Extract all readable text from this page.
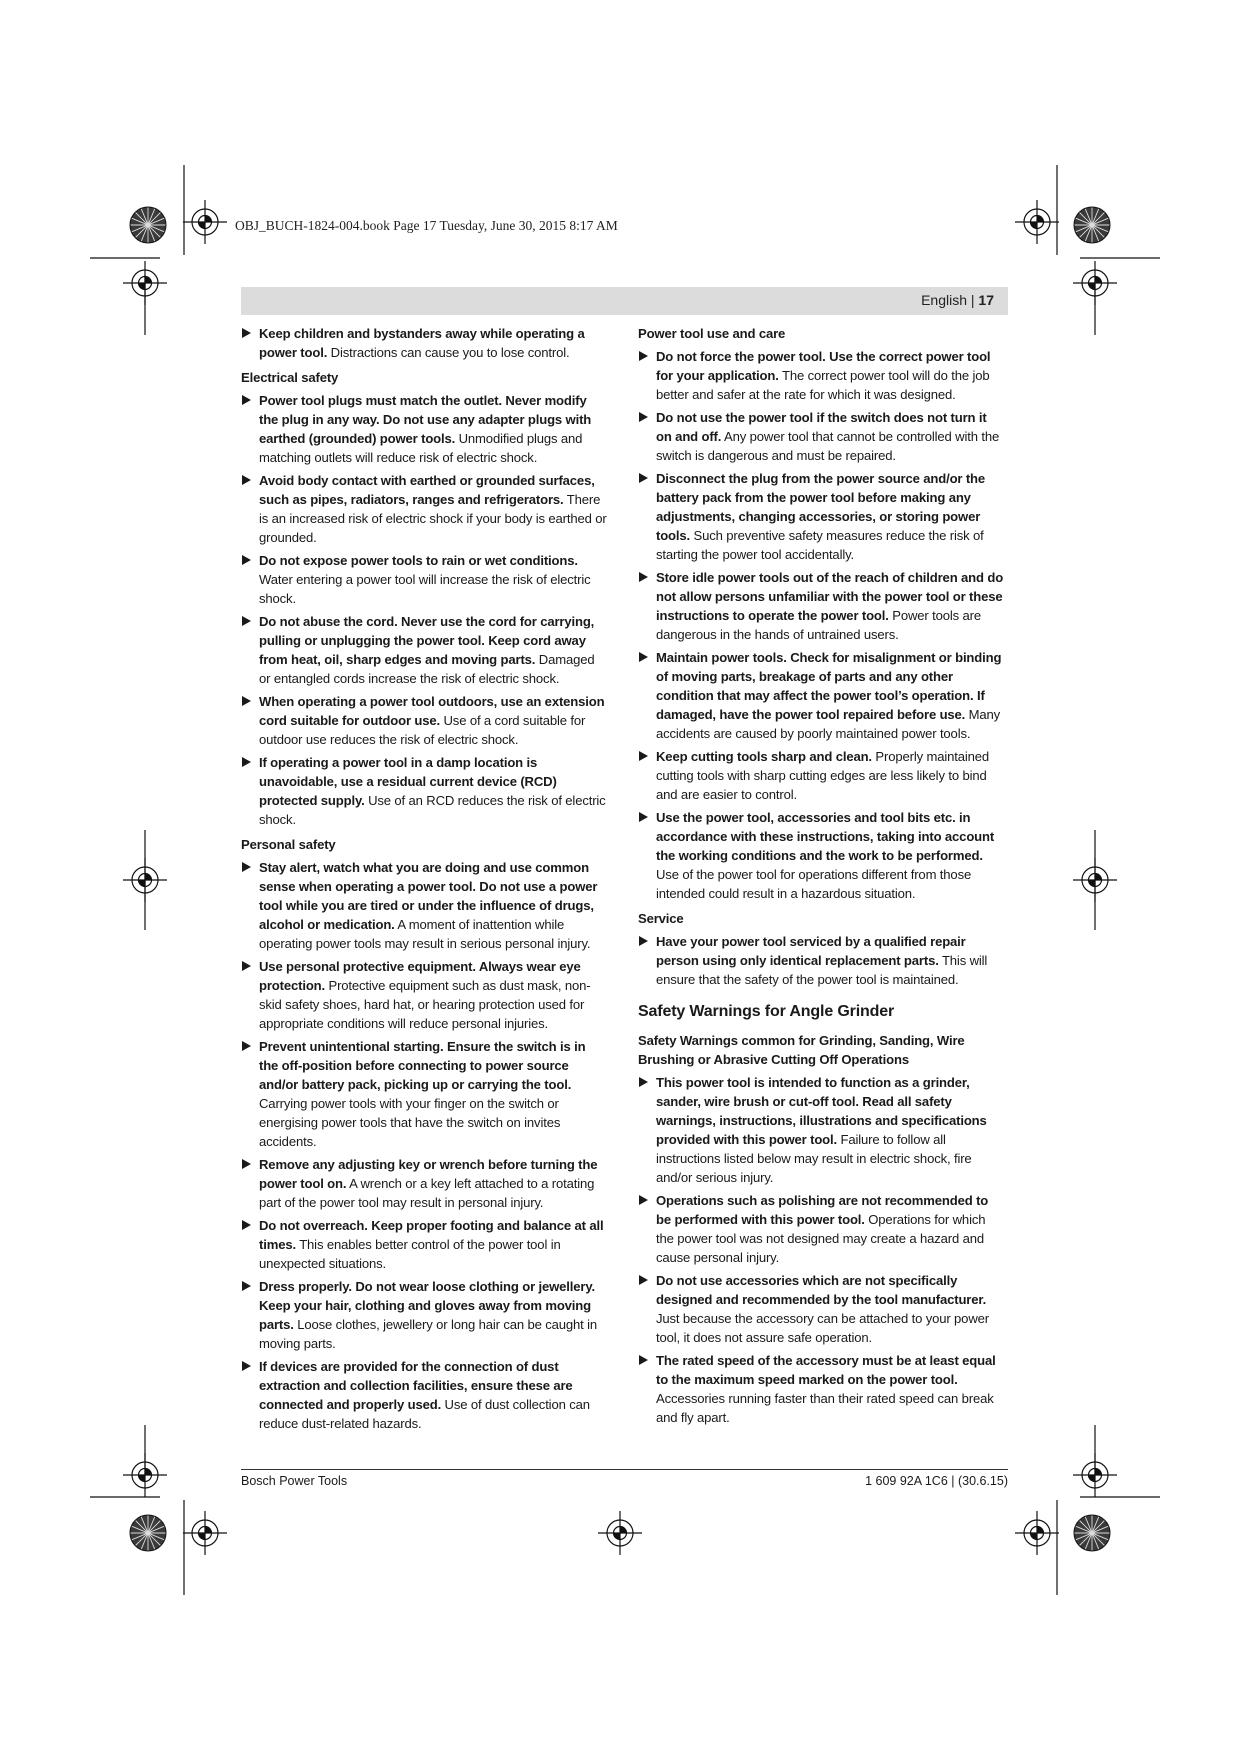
OBJ_BUCH-1824-004.book Page 17 Tuesday, June 30, 2015 8:17 AM
English | 17
Keep children and bystanders away while operating a power tool. Distractions can cause you to lose control.
Electrical safety
Power tool plugs must match the outlet. Never modify the plug in any way. Do not use any adapter plugs with earthed (grounded) power tools. Unmodified plugs and matching outlets will reduce risk of electric shock.
Avoid body contact with earthed or grounded surfaces, such as pipes, radiators, ranges and refrigerators. There is an increased risk of electric shock if your body is earthed or grounded.
Do not expose power tools to rain or wet conditions. Water entering a power tool will increase the risk of electric shock.
Do not abuse the cord. Never use the cord for carrying, pulling or unplugging the power tool. Keep cord away from heat, oil, sharp edges and moving parts. Damaged or entangled cords increase the risk of electric shock.
When operating a power tool outdoors, use an extension cord suitable for outdoor use. Use of a cord suitable for outdoor use reduces the risk of electric shock.
If operating a power tool in a damp location is unavoidable, use a residual current device (RCD) protected supply. Use of an RCD reduces the risk of electric shock.
Personal safety
Stay alert, watch what you are doing and use common sense when operating a power tool. Do not use a power tool while you are tired or under the influence of drugs, alcohol or medication. A moment of inattention while operating power tools may result in serious personal injury.
Use personal protective equipment. Always wear eye protection. Protective equipment such as dust mask, non-skid safety shoes, hard hat, or hearing protection used for appropriate conditions will reduce personal injuries.
Prevent unintentional starting. Ensure the switch is in the off-position before connecting to power source and/or battery pack, picking up or carrying the tool. Carrying power tools with your finger on the switch or energising power tools that have the switch on invites accidents.
Remove any adjusting key or wrench before turning the power tool on. A wrench or a key left attached to a rotating part of the power tool may result in personal injury.
Do not overreach. Keep proper footing and balance at all times. This enables better control of the power tool in unexpected situations.
Dress properly. Do not wear loose clothing or jewellery. Keep your hair, clothing and gloves away from moving parts. Loose clothes, jewellery or long hair can be caught in moving parts.
If devices are provided for the connection of dust extraction and collection facilities, ensure these are connected and properly used. Use of dust collection can reduce dust-related hazards.
Power tool use and care
Do not force the power tool. Use the correct power tool for your application. The correct power tool will do the job better and safer at the rate for which it was designed.
Do not use the power tool if the switch does not turn it on and off. Any power tool that cannot be controlled with the switch is dangerous and must be repaired.
Disconnect the plug from the power source and/or the battery pack from the power tool before making any adjustments, changing accessories, or storing power tools. Such preventive safety measures reduce the risk of starting the power tool accidentally.
Store idle power tools out of the reach of children and do not allow persons unfamiliar with the power tool or these instructions to operate the power tool. Power tools are dangerous in the hands of untrained users.
Maintain power tools. Check for misalignment or binding of moving parts, breakage of parts and any other condition that may affect the power tool’s operation. If damaged, have the power tool repaired before use. Many accidents are caused by poorly maintained power tools.
Keep cutting tools sharp and clean. Properly maintained cutting tools with sharp cutting edges are less likely to bind and are easier to control.
Use the power tool, accessories and tool bits etc. in accordance with these instructions, taking into account the working conditions and the work to be performed. Use of the power tool for operations different from those intended could result in a hazardous situation.
Service
Have your power tool serviced by a qualified repair person using only identical replacement parts. This will ensure that the safety of the power tool is maintained.
Safety Warnings for Angle Grinder
Safety Warnings common for Grinding, Sanding, Wire Brushing or Abrasive Cutting Off Operations
This power tool is intended to function as a grinder, sander, wire brush or cut-off tool. Read all safety warnings, instructions, illustrations and specifications provided with this power tool. Failure to follow all instructions listed below may result in electric shock, fire and/or serious injury.
Operations such as polishing are not recommended to be performed with this power tool. Operations for which the power tool was not designed may create a hazard and cause personal injury.
Do not use accessories which are not specifically designed and recommended by the tool manufacturer. Just because the accessory can be attached to your power tool, it does not assure safe operation.
The rated speed of the accessory must be at least equal to the maximum speed marked on the power tool. Accessories running faster than their rated speed can break and fly apart.
Bosch Power Tools	1 609 92A 1C6 | (30.6.15)
